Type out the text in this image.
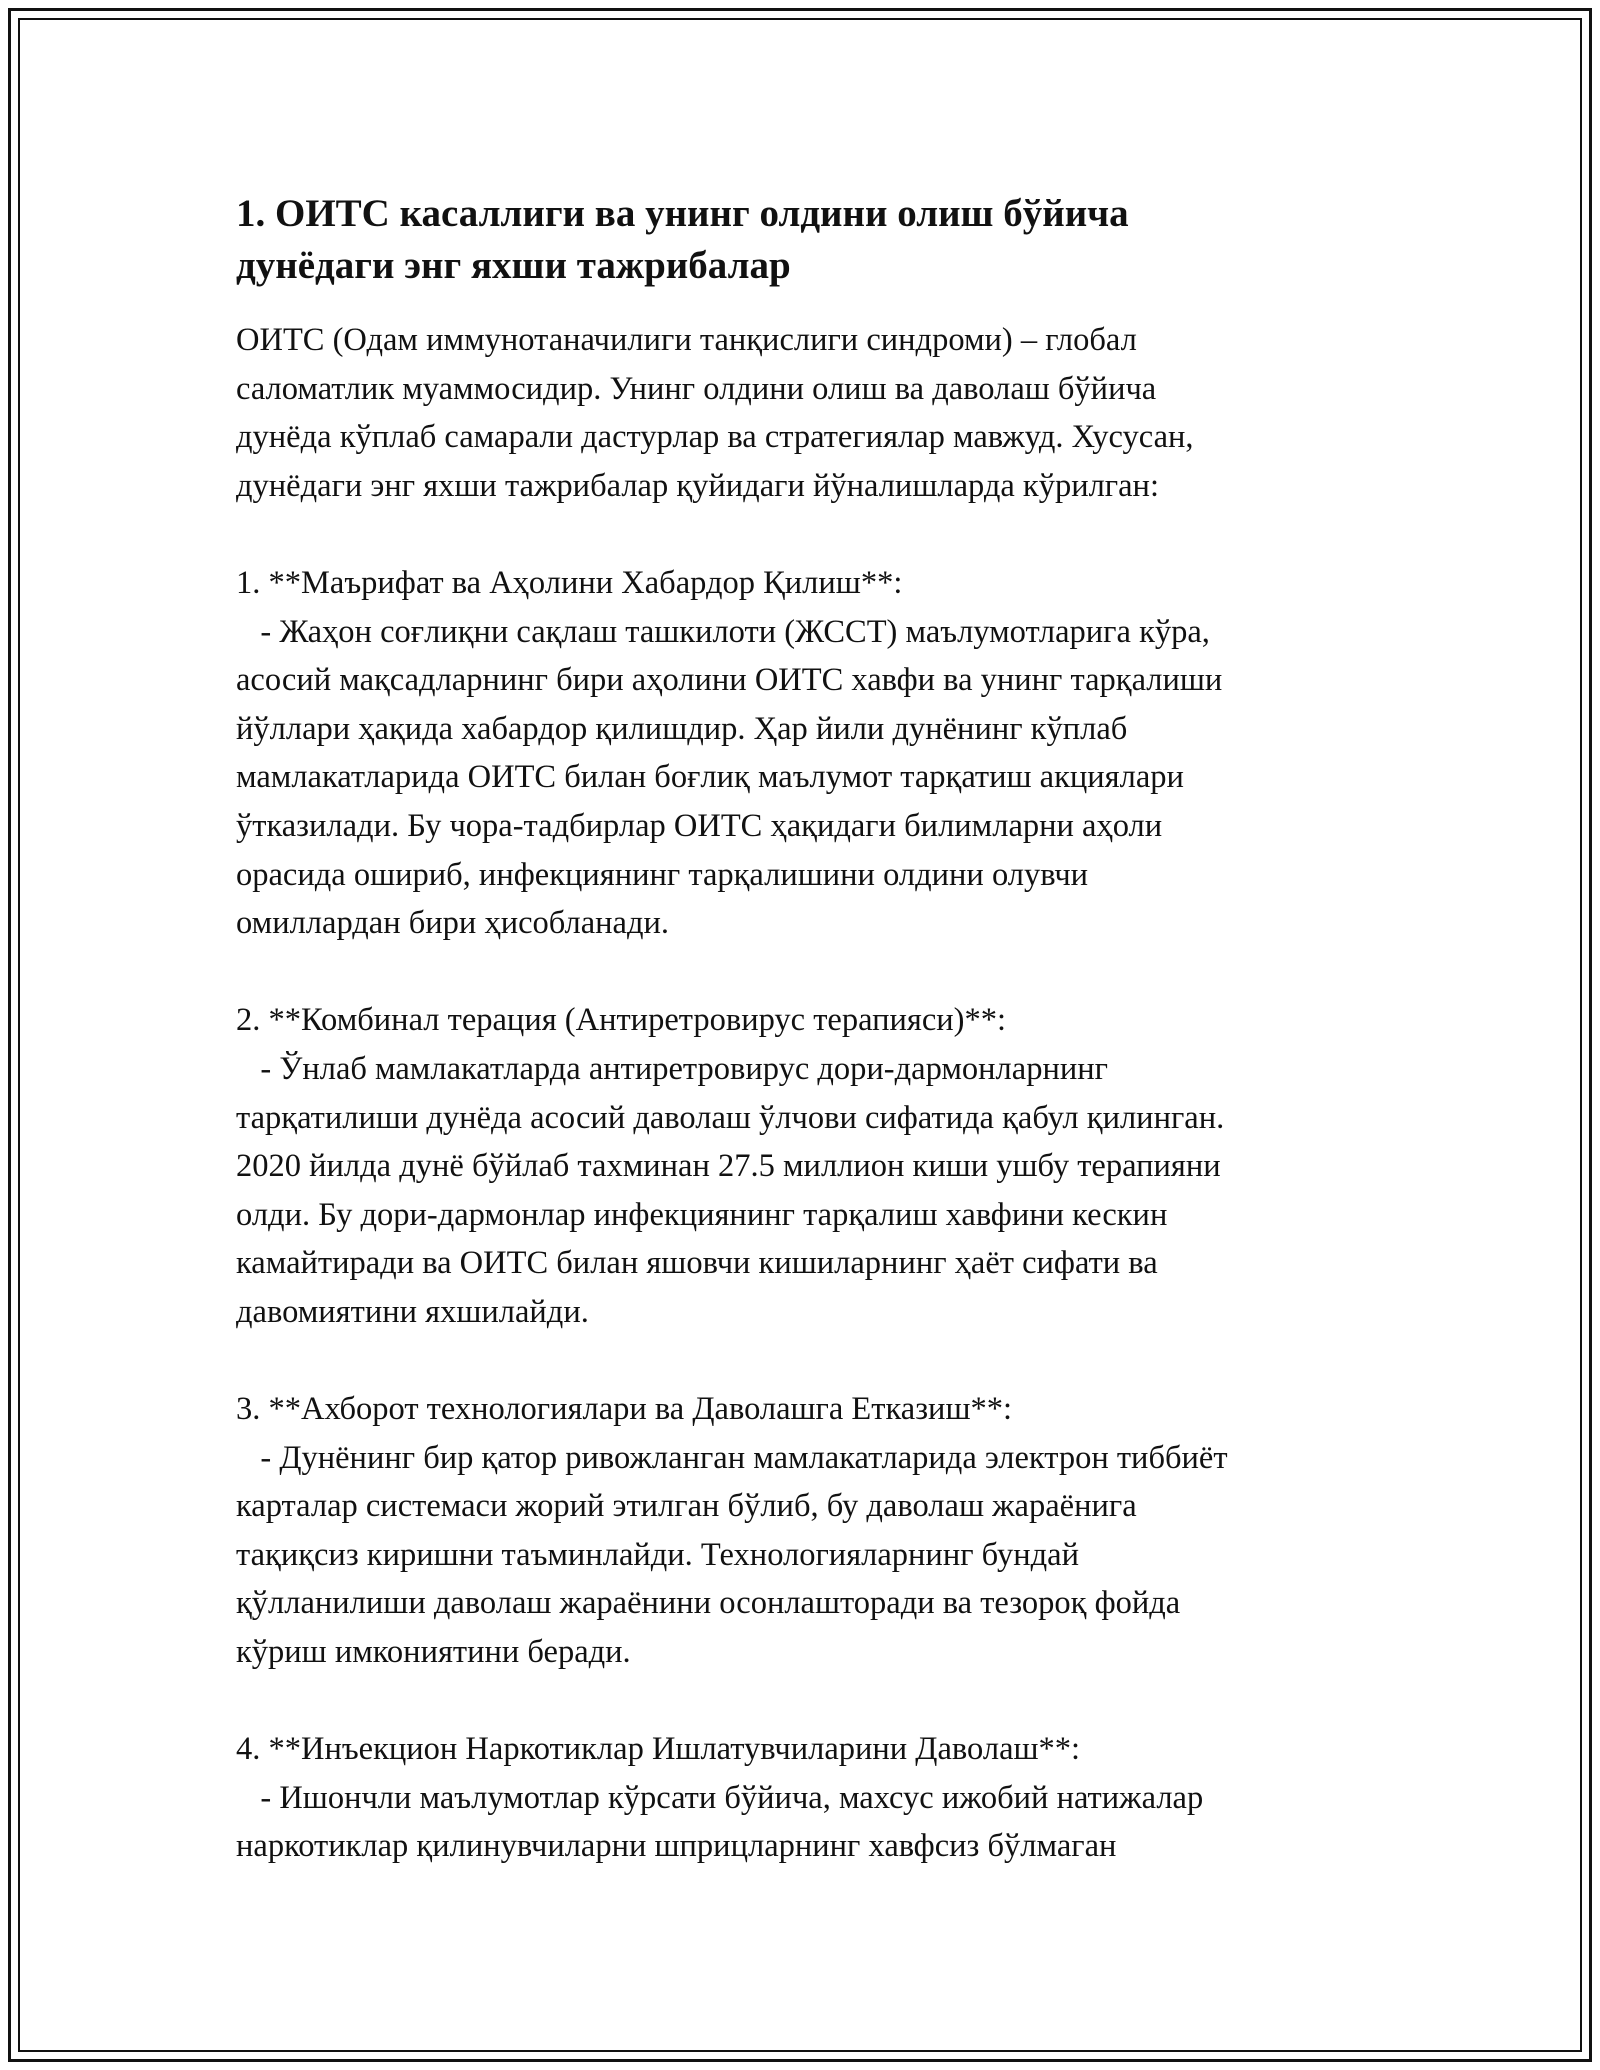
1. ОИТС касаллиги ва унинг олдини олиш бўйича
дунёдаги энг яхши тажрибалар
ОИТС (Одам иммунотаначилиги танқислиги синдроми) – глобал
саломатлик муаммосидир. Унинг олдини олиш ва даволаш бўйича
дунёда кўплаб самарали дастурлар ва стратегиялар мавжуд. Хусусан,
дунёдаги энг яхши тажрибалар қуйидаги йўналишларда кўрилган:
1. **Маърифат ва Аҳолини Хабардор Қилиш**:
- Жаҳон соғлиқни сақлаш ташкилоти (ЖССТ) маълумотларига кўра,
асосий мақсадларнинг бири аҳолини ОИТС хавфи ва унинг тарқалиши
йўллари ҳақида хабардор қилишдир. Ҳар йили дунёнинг кўплаб
мамлакатларида ОИТС билан боғлиқ маълумот тарқатиш акциялари
ўтказилади. Бу чора-тадбирлар ОИТС ҳақидаги билимларни аҳоли
орасида ошириб, инфекциянинг тарқалишини олдини олувчи
омиллардан бири ҳисобланади.
2. **Комбинал терация (Антиретровирус терапияси)**:
- Ўнлаб мамлакатларда антиретровирус дори-дармонларнинг
тарқатилиши дунёда асосий даволаш ўлчови сифатида қабул қилинган.
2020 йилда дунё бўйлаб тахминан 27.5 миллион киши ушбу терапияни
олди. Бу дори-дармонлар инфекциянинг тарқалиш хавфини кескин
камайтиради ва ОИТС билан яшовчи кишиларнинг ҳаёт сифати ва
давомиятини яхшилайди.
3. **Ахборот технологиялари ва Даволашга Етказиш**:
- Дунёнинг бир қатор ривожланган мамлакатларида электрон тиббиёт
карталар системаси жорий этилган бўлиб, бу даволаш жараёнига
тақиқсиз киришни таъминлайди. Технологияларнинг бундай
қўлланилиши даволаш жараёнини осонлашторади ва тезороқ фойда
кўриш имкониятини беради.
4. **Инъекцион Наркотиклар Ишлатувчиларини Даволаш**:
- Ишончли маълумотлар кўрсати бўйича, махсус ижобий натижалар
наркотиклар қилинувчиларни шприцларнинг хавфсиз бўлмаган
